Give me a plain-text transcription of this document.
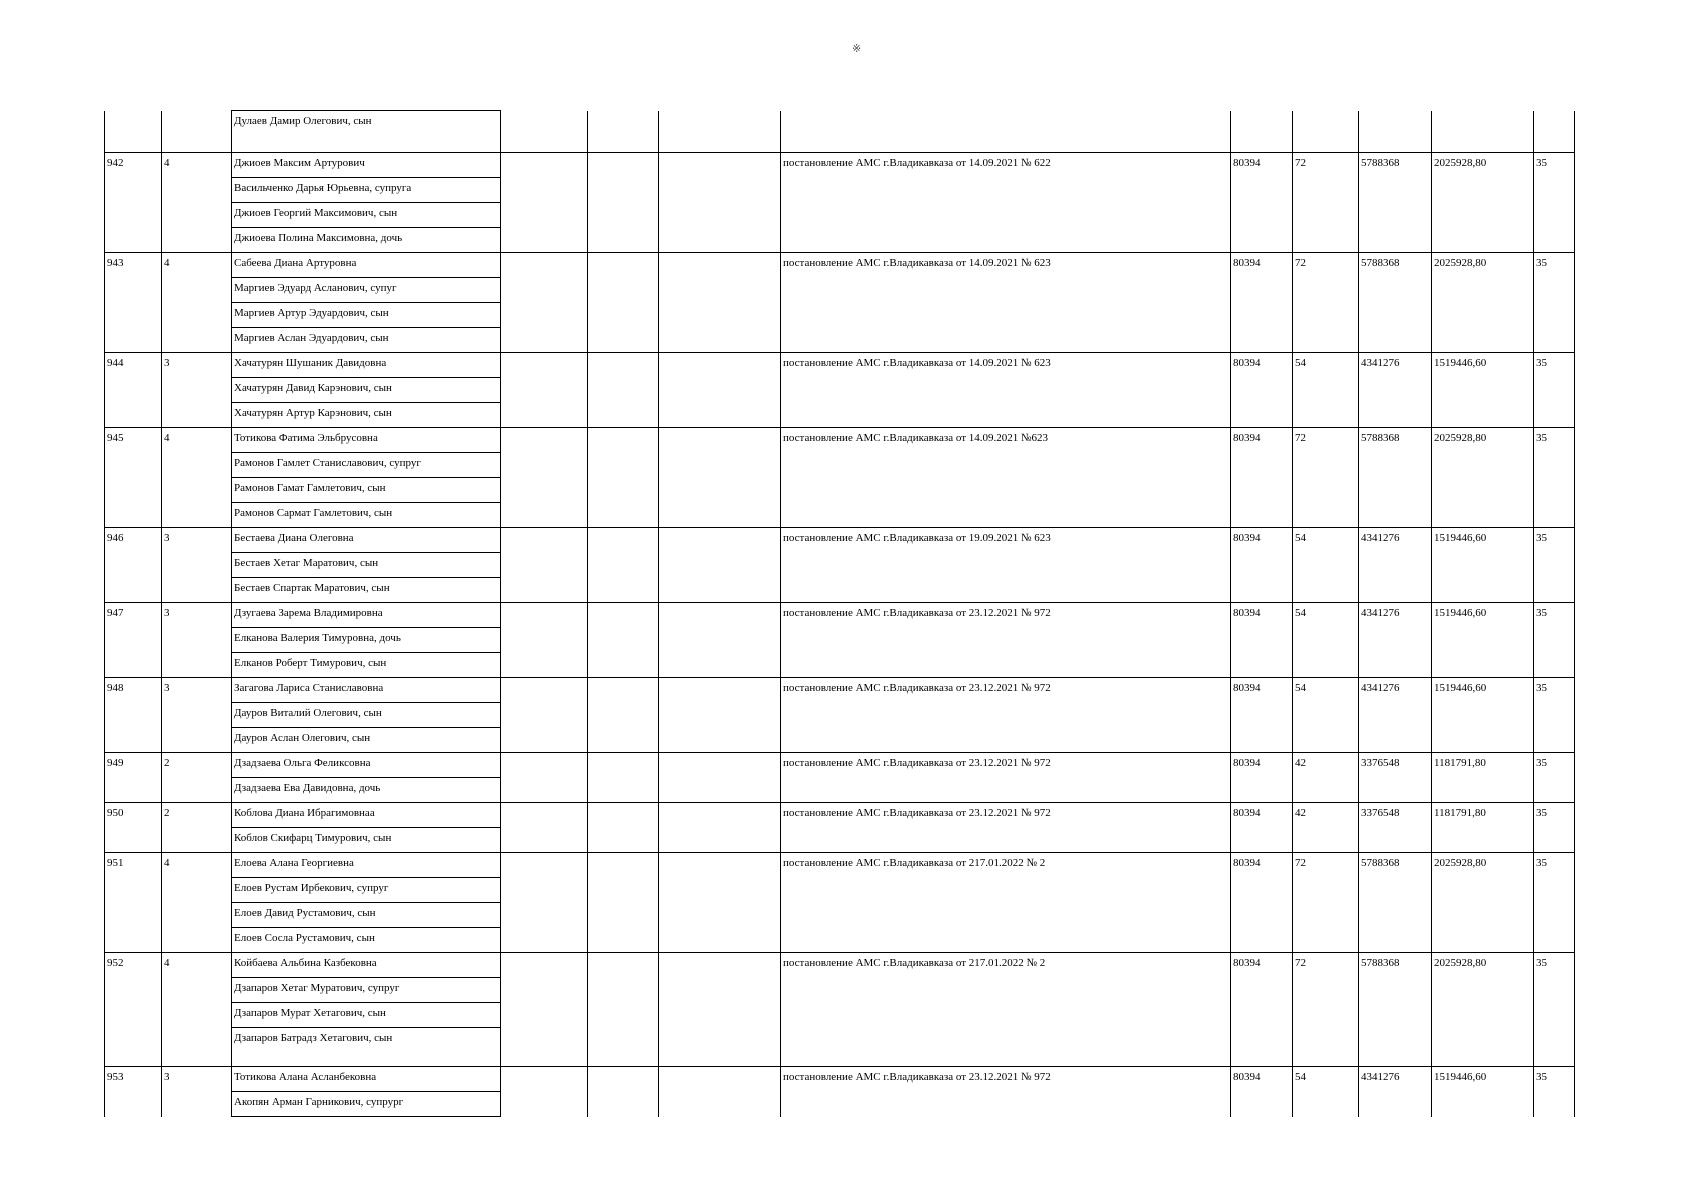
※
		Дулаев Дамир Олегович, сын									
942	4	Джиоев Максим Артурович				постановление АМС г.Владикавказа от 14.09.2021 № 622	80394	72	5788368	2025928,80	35
		Васильченко Дарья Юрьевна, супруга									
		Джиоев Георгий Максимович, сын									
		Джиоева Полина Максимовна, дочь									
943	4	Сабеева Диана Артуровна				постановление АМС г.Владикавказа от 14.09.2021 № 623	80394	72	5788368	2025928,80	35
		Маргиев Эдуард Асланович, супуг									
		Маргиев Артур Эдуардович, сын									
		Маргиев Аслан Эдуардович, сын									
944	3	Хачатурян Шушаник Давидовна				постановление АМС г.Владикавказа от 14.09.2021 № 623	80394	54	4341276	1519446,60	35
		Хачатурян Давид Карэнович, сын									
		Хачатурян Артур Карэнович, сын									
945	4	Тотикова Фатима Эльбрусовна				постановление АМС г.Владикавказа от 14.09.2021 №623	80394	72	5788368	2025928,80	35
		Рамонов Гамлет Станиславович, супруг									
		Рамонов Гамат Гамлетович, сын									
		Рамонов Сармат Гамлетович, сын									
946	3	Бестаева Диана Олеговна				постановление АМС г.Владикавказа от 19.09.2021 № 623	80394	54	4341276	1519446,60	35
		Бестаев Хетаг Маратович, сын									
		Бестаев Спартак Маратович, сын									
947	3	Дзугаева Зарема Владимировна				постановление АМС г.Владикавказа от 23.12.2021 № 972	80394	54	4341276	1519446,60	35
		Елканова Валерия Тимуровна, дочь									
		Елканов Роберт Тимурович, сын									
948	3	Загагова Лариса Станиславовна				постановление АМС г.Владикавказа от 23.12.2021 № 972	80394	54	4341276	1519446,60	35
		Дауров Виталий Олегович, сын									
		Дауров Аслан Олегович, сын									
949	2	Дзадзаева Ольга Феликсовна				постановление АМС г.Владикавказа от 23.12.2021 № 972	80394	42	3376548	1181791,80	35
		Дзадзаева Ева Давидовна, дочь									
950	2	Коблова Диана Ибрагимовнаа				постановление АМС г.Владикавказа от 23.12.2021 № 972	80394	42	3376548	1181791,80	35
		Коблов Скифарц Тимурович, сын									
951	4	Елоева Алана Георгиевна				постановление АМС г.Владикавказа от 217.01.2022 № 2	80394	72	5788368	2025928,80	35
		Елоев Рустам Ирбекович, супруг									
		Елоев Давид Рустамович, сын									
		Елоев Сосла Рустамович, сын									
952	4	Койбаева Альбина Казбековна				постановление АМС г.Владикавказа от 217.01.2022 № 2	80394	72	5788368	2025928,80	35
		Дзапаров Хетаг Муратович, супруг									
		Дзапаров Мурат Хетагович, сын									
		Дзапаров Батрадз Хетагович, сын									
953	3	Тотикова Алана Асланбековна				постановление АМС г.Владикавказа от 23.12.2021 № 972	80394	54	4341276	1519446,60	35
		Акопян Арман Гарникович, супрург									
